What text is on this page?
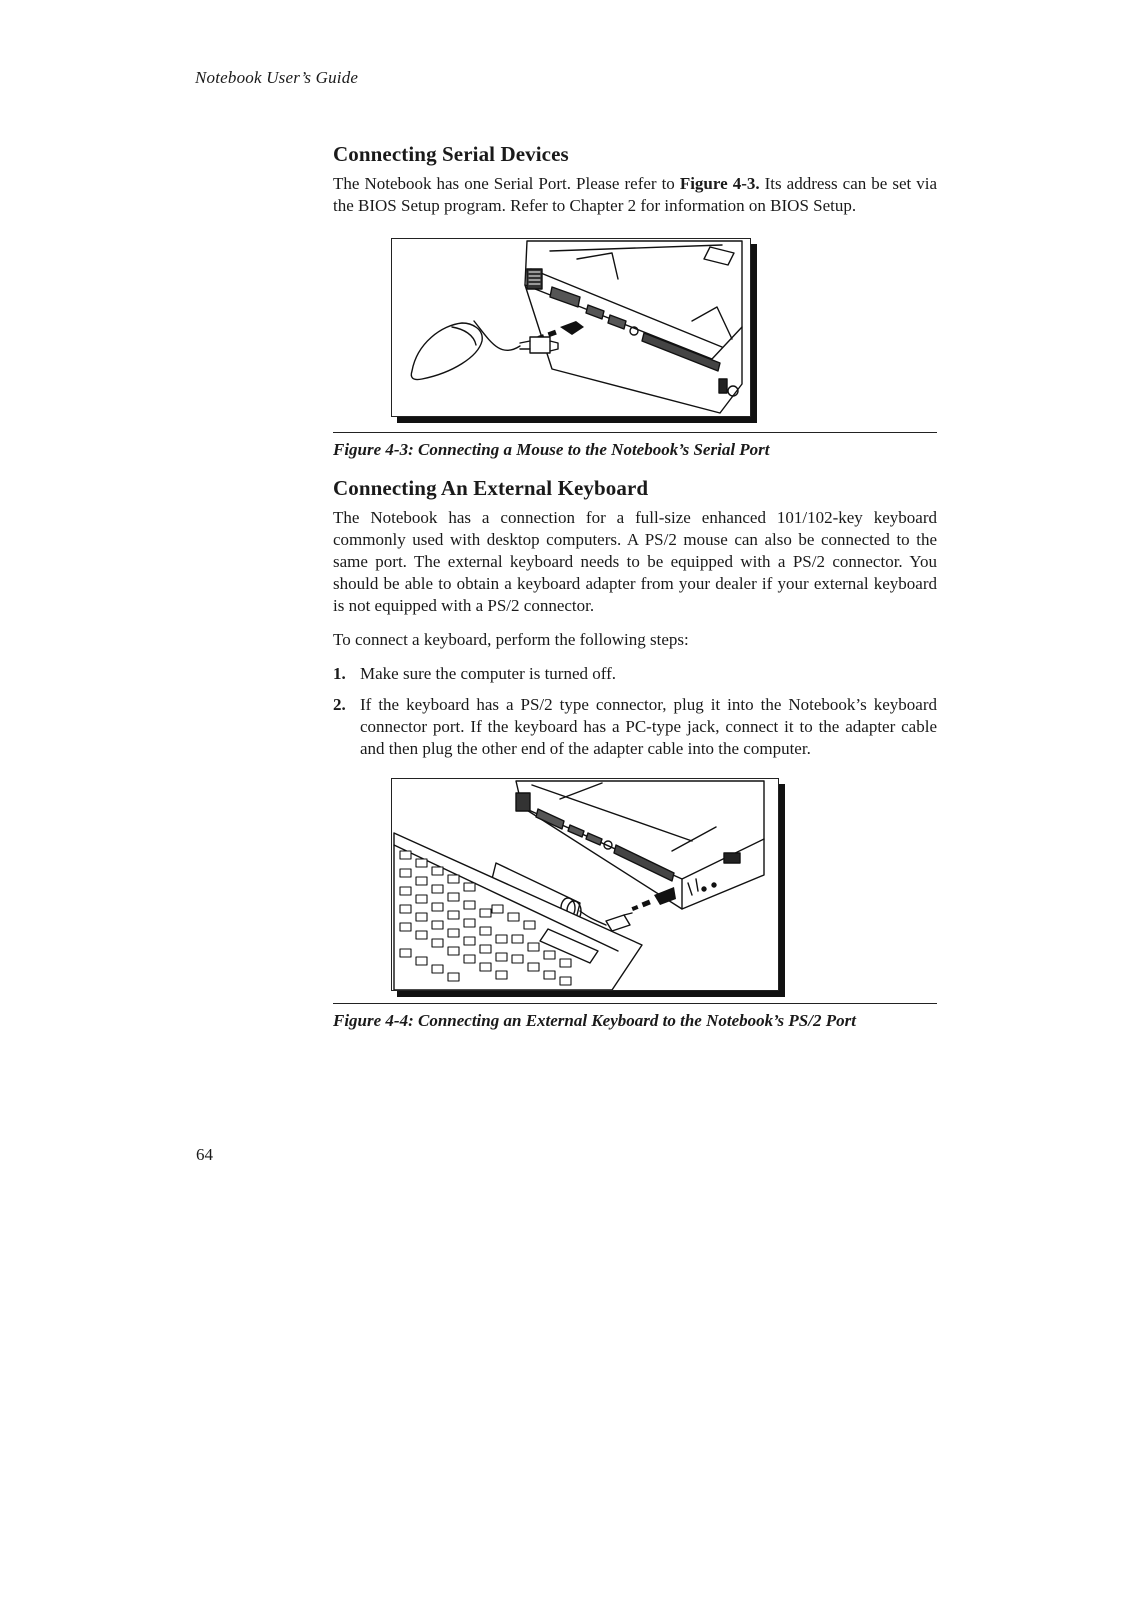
Notebook User’s Guide
Connecting Serial Devices

The Notebook has one Serial Port. Please refer to Figure 4-3. Its address can be set via the BIOS Setup program. Refer to Chapter 2 for information on BIOS Setup.

Figure 4-3: Connecting a Mouse to the Notebook’s Serial Port
Connecting An External Keyboard

The Notebook has a connection for a full-size enhanced 101/102-key keyboard commonly used with desktop computers. A PS/2 mouse can also be connected to the same port. The external keyboard needs to be equipped with a PS/2 connector. You should be able to obtain a keyboard adapter from your dealer if your external keyboard is not equipped with a PS/2 connector.

To connect a keyboard, perform the following steps:

1. Make sure the computer is turned off.
2. If the keyboard has a PS/2 type connector, plug it into the Notebook’s keyboard connector port. If the keyboard has a PC-type jack, connect it to the adapter cable and then plug the other end of the adapter cable into the computer.
Figure 4-4: Connecting an External Keyboard to the Notebook’s PS/2 Port
64
